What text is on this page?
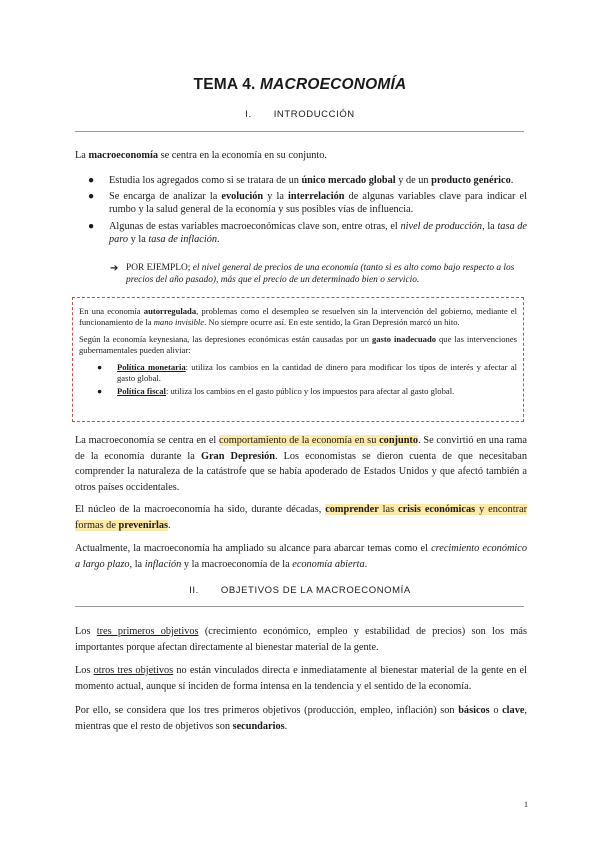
TEMA 4. MACROECONOMÍA
I. INTRODUCCIÓN
La macroeconomía se centra en la economía en su conjunto.
● Estudia los agregados como si se tratara de un único mercado global y de un producto genérico.
● Se encarga de analizar la evolución y la interrelación de algunas variables clave para indicar el rumbo y la salud general de la economía y sus posibles vías de influencia.
● Algunas de estas variables macroeconómicas clave son, entre otras, el nivel de producción, la tasa de paro y la tasa de inflación.
➔ POR EJEMPLO; el nivel general de precios de una economía (tanto si es alto como bajo respecto a los precios del año pasado), más que el precio de un determinado bien o servicio.

En una economía autorregulada, problemas como el desempleo se resuelven sin la intervención del gobierno, mediante el funcionamiento de la mano invisible. No siempre ocurre así. En este sentido, la Gran Depresión marcó un hito.

Según la economía keynesiana, las depresiones económicas están causadas por un gasto inadecuado que las intervenciones gubernamentales pueden aliviar:

● Política monetaria: utiliza los cambios en la cantidad de dinero para modificar los tipos de interés y afectar al gasto global.
● Política fiscal: utiliza los cambios en el gasto público y los impuestos para afectar al gasto global.
La macroeconomía se centra en el comportamiento de la economía en su conjunto. Se convirtió en una rama de la economía durante la Gran Depresión. Los economistas se dieron cuenta de que necesitaban comprender la naturaleza de la catástrofe que se había apoderado de Estados Unidos y que afectó también a otros países occidentales.
El núcleo de la macroeconomía ha sido, durante décadas, comprender las crisis económicas y encontrar formas de prevenirlas.
Actualmente, la macroeconomía ha ampliado su alcance para abarcar temas como el crecimiento económico a largo plazo, la inflación y la macroeconomía de la economía abierta.
II. OBJETIVOS DE LA MACROECONOMÍA
Los tres primeros objetivos (crecimiento económico, empleo y estabilidad de precios) son los más importantes porque afectan directamente al bienestar material de la gente.
Los otros tres objetivos no están vinculados directa e inmediatamente al bienestar material de la gente en el momento actual, aunque sí inciden de forma intensa en la tendencia y el sentido de la economía.
Por ello, se considera que los tres primeros objetivos (producción, empleo, inflación) son básicos o clave, mientras que el resto de objetivos son secundarios.
1
